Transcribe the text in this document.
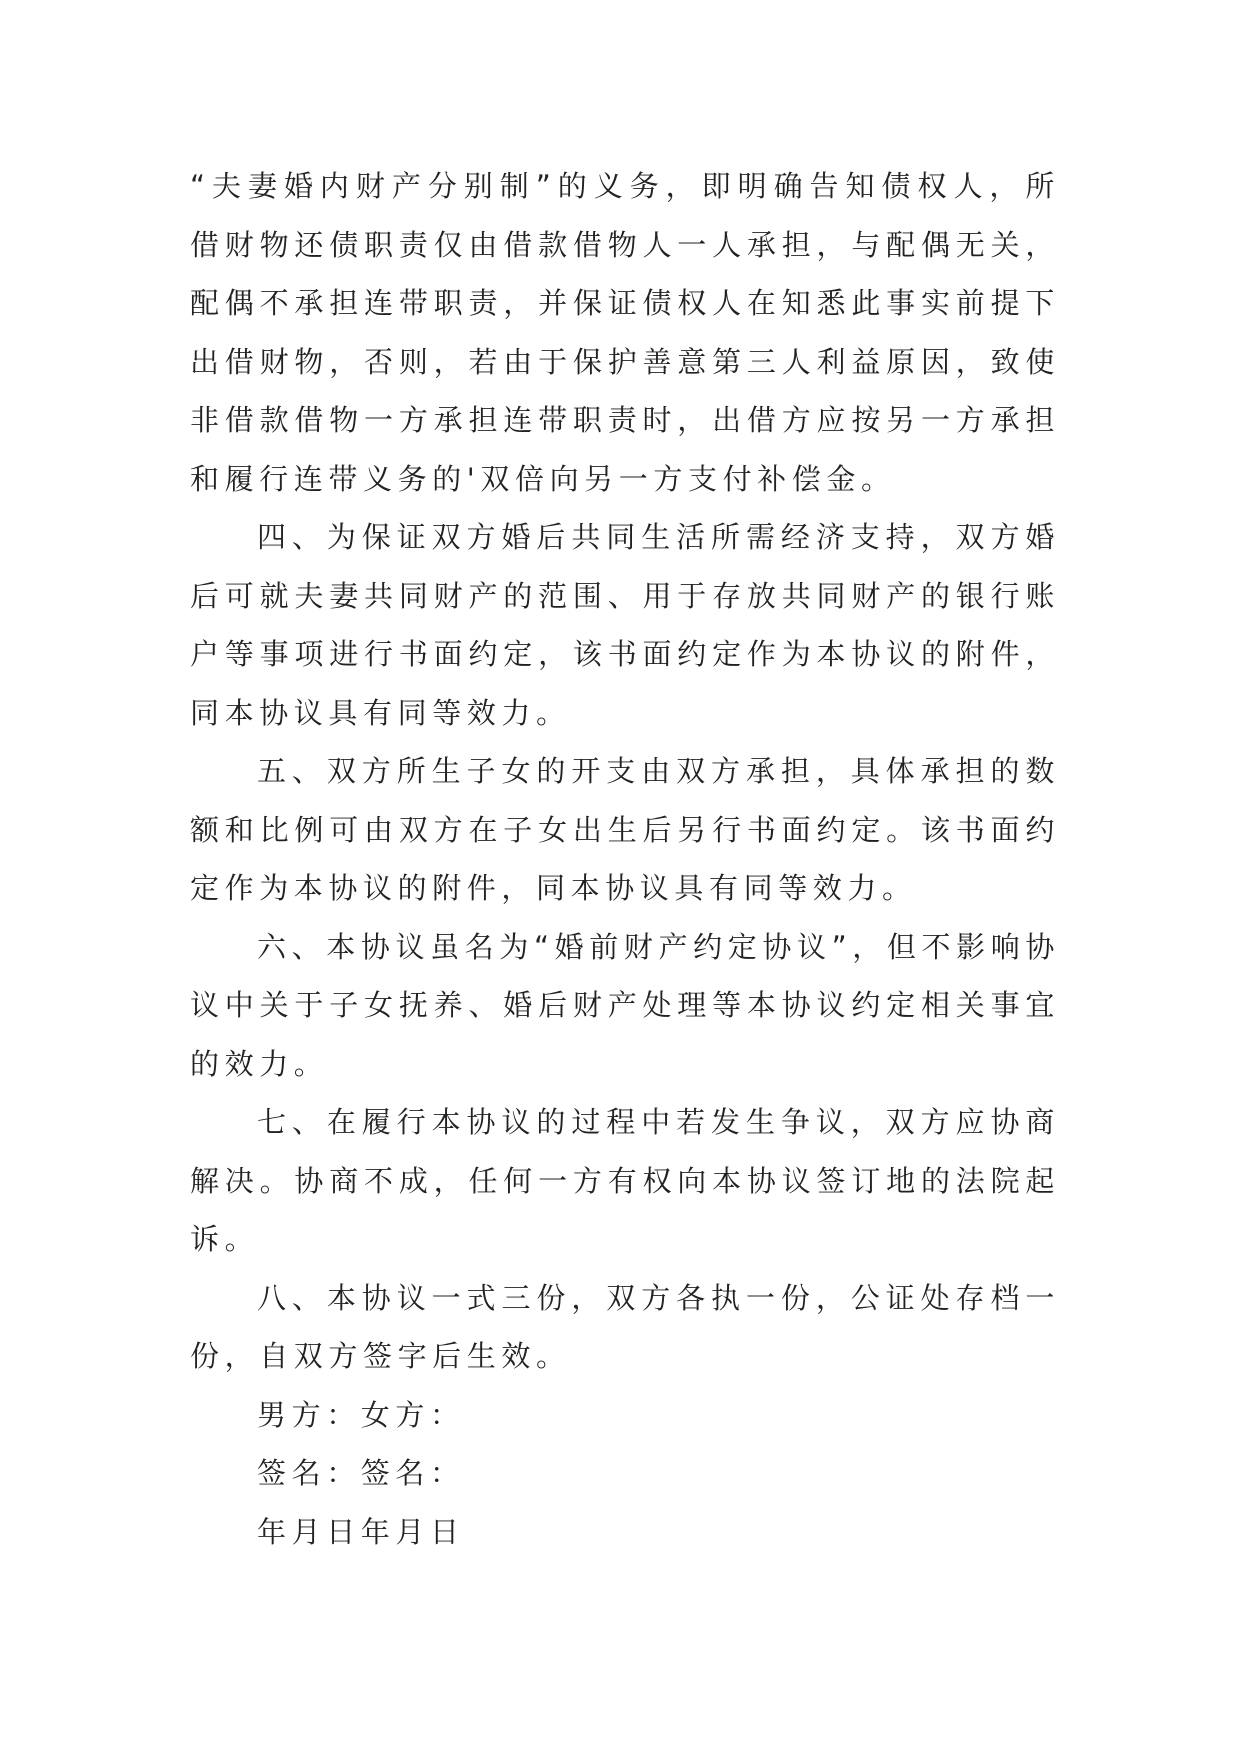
“夫妻婚内财产分别制”的义务，即明确告知债权人，所借财物还债职责仅由借款借物人一人承担，与配偶无关，配偶不承担连带职责，并保证债权人在知悉此事实前提下出借财物，否则，若由于保护善意第三人利益原因，致使非借款借物一方承担连带职责时，出借方应按另一方承担和履行连带义务的'双倍向另一方支付补偿金。

四、为保证双方婚后共同生活所需经济支持，双方婚后可就夫妻共同财产的范围、用于存放共同财产的银行账户等事项进行书面约定，该书面约定作为本协议的附件，同本协议具有同等效力。

五、双方所生子女的开支由双方承担，具体承担的数额和比例可由双方在子女出生后另行书面约定。该书面约定作为本协议的附件，同本协议具有同等效力。

六、本协议虽名为“婚前财产约定协议”，但不影响协议中关于子女抚养、婚后财产处理等本协议约定相关事宜的效力。

七、在履行本协议的过程中若发生争议，双方应协商解决。协商不成，任何一方有权向本协议签订地的法院起诉。

八、本协议一式三份，双方各执一份，公证处存档一份，自双方签字后生效。

男方：女方：

签名：签名：

年月日年月日
